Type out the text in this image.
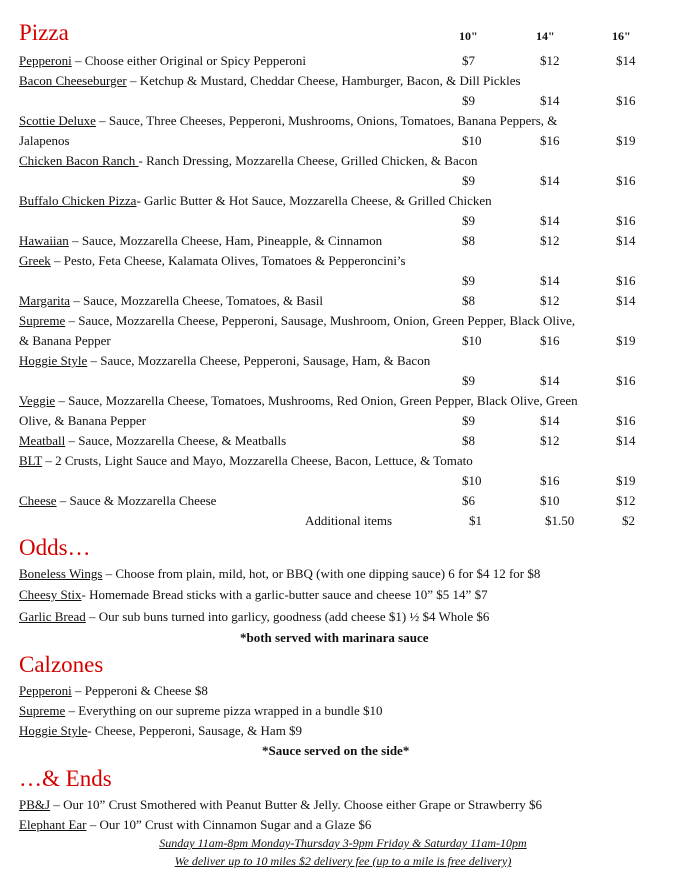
Pizza	10"	14"	16"
Pepperoni – Choose either Original or Spicy Pepperoni	$7	$12	$14
Bacon Cheeseburger – Ketchup & Mustard, Cheddar Cheese, Hamburger, Bacon, & Dill Pickles
$9	$14	$16
Scottie Deluxe – Sauce, Three Cheeses, Pepperoni, Mushrooms, Onions, Tomatoes, Banana Peppers, &
Jalapenos	$10	$16	$19
Chicken Bacon Ranch - Ranch Dressing, Mozzarella Cheese, Grilled Chicken, & Bacon
$9	$14	$16
Buffalo Chicken Pizza- Garlic Butter & Hot Sauce, Mozzarella Cheese, & Grilled Chicken
$9	$14	$16
Hawaiian – Sauce, Mozzarella Cheese, Ham, Pineapple, & Cinnamon	$8	$12	$14
Greek – Pesto, Feta Cheese, Kalamata Olives, Tomatoes & Pepperoncini’s
$9	$14	$16
Margarita – Sauce, Mozzarella Cheese, Tomatoes, & Basil	$8	$12	$14
Supreme – Sauce, Mozzarella Cheese, Pepperoni, Sausage, Mushroom, Onion, Green Pepper, Black Olive,
& Banana Pepper	$10	$16	$19
Hoggie Style – Sauce, Mozzarella Cheese, Pepperoni, Sausage, Ham, & Bacon
$9	$14	$16
Veggie – Sauce, Mozzarella Cheese, Tomatoes, Mushrooms, Red Onion, Green Pepper, Black Olive, Green
Olive, & Banana Pepper	$9	$14	$16
Meatball – Sauce, Mozzarella Cheese, & Meatballs	$8	$12	$14
BLT – 2 Crusts, Light Sauce and Mayo, Mozzarella Cheese, Bacon, Lettuce, & Tomato
$10	$16	$19
Cheese – Sauce & Mozzarella Cheese	$6	$10	$12
Additional items	$1	$1.50	$2
Odds…
Boneless Wings – Choose from plain, mild, hot, or BBQ (with one dipping sauce) 6 for $4 12 for $8
Cheesy Stix- Homemade Bread sticks with a garlic-butter sauce and cheese 10” $5 14” $7
Garlic Bread – Our sub buns turned into garlicy, goodness (add cheese $1) ½ $4 Whole $6
*both served with marinara sauce
Calzones
Pepperoni – Pepperoni & Cheese $8
Supreme – Everything on our supreme pizza wrapped in a bundle $10
Hoggie Style- Cheese, Pepperoni, Sausage, & Ham $9
*Sauce served on the side*
…& Ends
PB&J – Our 10” Crust Smothered with Peanut Butter & Jelly. Choose either Grape or Strawberry $6
Elephant Ear – Our 10” Crust with Cinnamon Sugar and a Glaze $6
Sunday 11am-8pm Monday-Thursday 3-9pm Friday & Saturday 11am-10pm
We deliver up to 10 miles $2 delivery fee (up to a mile is free delivery)
